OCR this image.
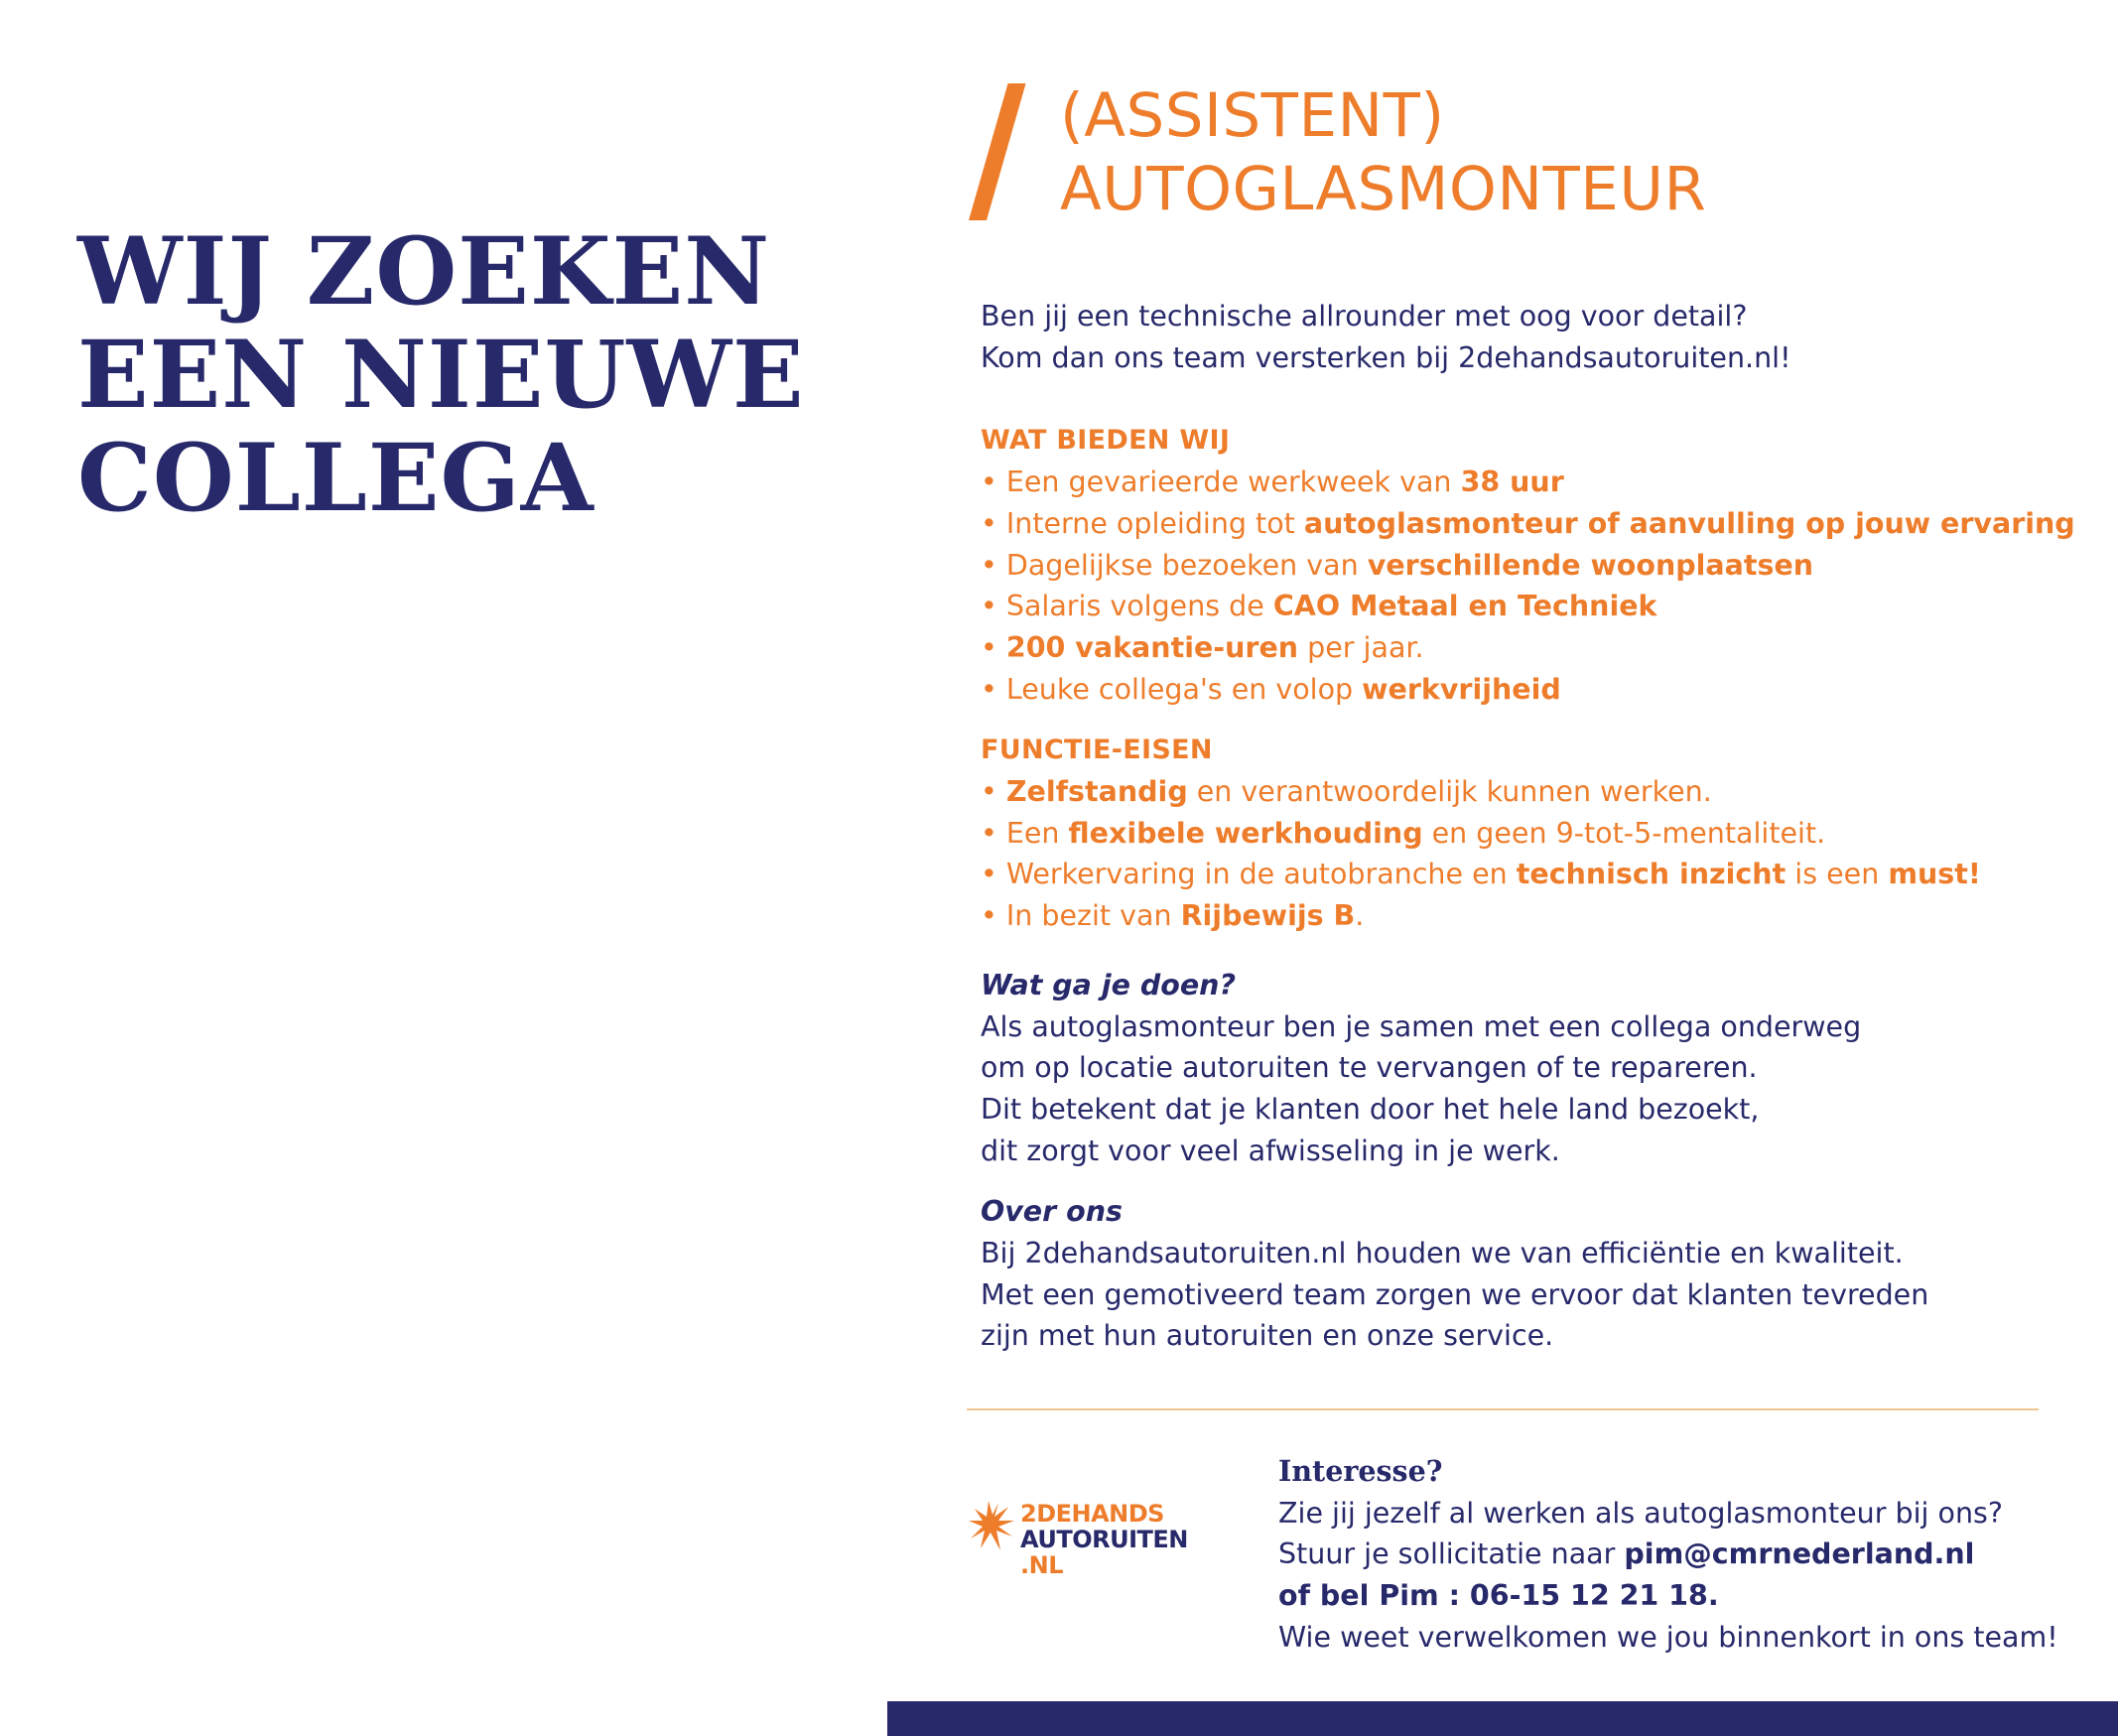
WIJ ZOEKEN
EEN NIEUWE
COLLEGA
(ASSISTENT)
AUTOGLASMONTEUR

Ben jij een technische allrounder met oog voor detail?

Kom dan ons team versterken bij 2dehandsautoruiten.nl!

WAT BIEDEN WIJ

• Een gevarieerde werkweek van 38 uur
• Interne opleiding tot autoglasmonteur of aanvulling op jouw ervaring
• Dagelijkse bezoeken van verschillende woonplaatsen
• Salaris volgens de CAO Metaal en Techniek
• 200 vakantie-uren per jaar.
• Leuke collega's en volop werkvrijheid

FUNCTIE-EISEN

• Zelfstandig en verantwoordelijk kunnen werken.
• Een flexibele werkhouding en geen 9-tot-5-mentaliteit.
• Werkervaring in de autobranche en technisch inzicht is een must!
• In bezit van Rijbewijs B.

Wat ga je doen?

Als autoglasmonteur ben je samen met een collega onderweg

om op locatie autoruiten te vervangen of te repareren.

Dit betekent dat je klanten door het hele land bezoekt,

dit zorgt voor veel afwisseling in je werk.

Over ons

Bij 2dehandsautoruiten.nl houden we van efficiëntie en kwaliteit.

Met een gemotiveerd team zorgen we ervoor dat klanten tevreden

zijn met hun autoruiten en onze service.

2DEHANDS
AUTORUITEN
.NL

Interesse?

Zie jij jezelf al werken als autoglasmonteur bij ons?

Stuur je sollicitatie naar pim@cmrnederland.nl

of bel Pim : 06-15 12 21 18.

Wie weet verwelkomen we jou binnenkort in ons team!
